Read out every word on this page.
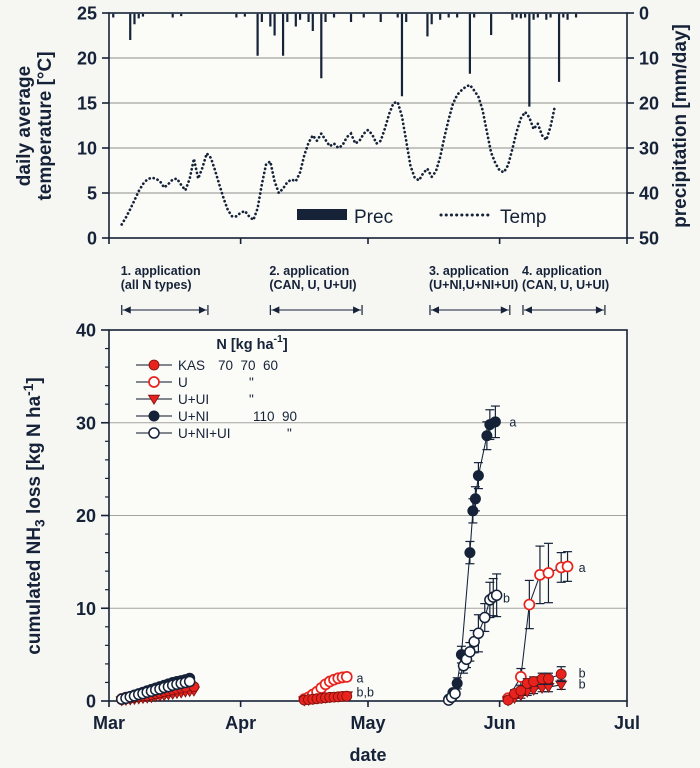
0
5
10
15
20
25	0
10
20
30
40
50
daily average temperature [°C]	precipitation [mm/day]
Prec	Temp
1. application
(all N types)
2. application
(CAN, U, U+UI)
3. application
(U+NI,U+NI+UI)
4. application
(CAN, U, U+UI)
0
10
20
30
40
Mar	Apr	May	Jun	Jul
date
cumulated $NH_3$ loss [kg N $ha^{-1}$]
N [kg $ha^{-1}$]
KAS 70  70  60
U	"
U+UI	"
U+NI	110  90
U+NI+UI	"
a
b,b
a
b
a
b
b
